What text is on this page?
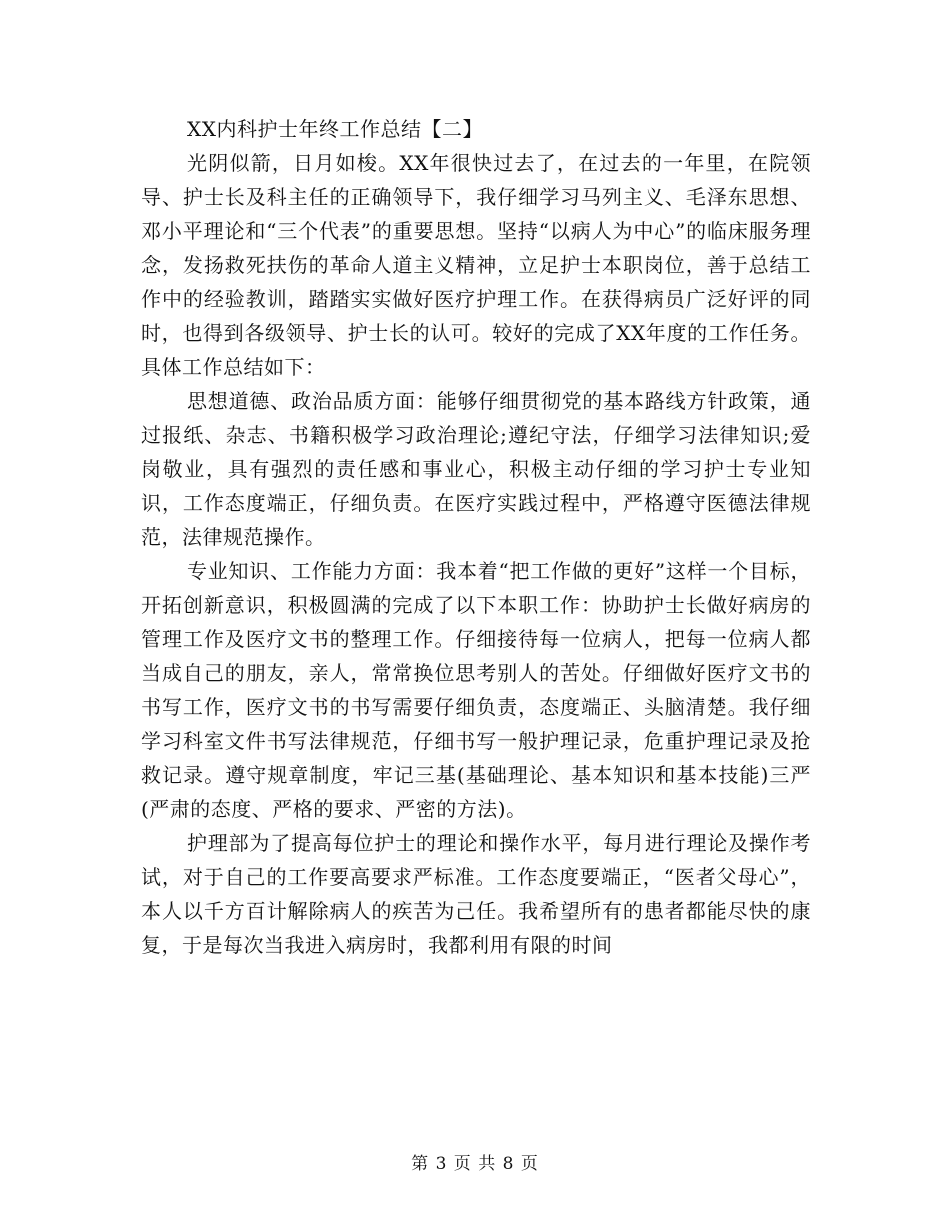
XX内科护士年终工作总结【二】

光阴似箭，日月如梭。XX年很快过去了，在过去的一年里，在院领导、护士长及科主任的正确领导下，我仔细学习马列主义、毛泽东思想、邓小平理论和“三个代表”的重要思想。坚持“以病人为中心”的临床服务理念，发扬救死扶伤的革命人道主义精神，立足护士本职岗位，善于总结工作中的经验教训，踏踏实实做好医疗护理工作。在获得病员广泛好评的同时，也得到各级领导、护士长的认可。较好的完成了XX年度的工作任务。具体工作总结如下：

思想道德、政治品质方面：能够仔细贯彻党的基本路线方针政策，通过报纸、杂志、书籍积极学习政治理论;遵纪守法，仔细学习法律知识;爱岗敬业，具有强烈的责任感和事业心，积极主动仔细的学习护士专业知识，工作态度端正，仔细负责。在医疗实践过程中，严格遵守医德法律规范，法律规范操作。

专业知识、工作能力方面：我本着“把工作做的更好”这样一个目标，开拓创新意识，积极圆满的完成了以下本职工作：协助护士长做好病房的管理工作及医疗文书的整理工作。仔细接待每一位病人，把每一位病人都当成自己的朋友，亲人，常常换位思考别人的苦处。仔细做好医疗文书的书写工作，医疗文书的书写需要仔细负责，态度端正、头脑清楚。我仔细学习科室文件书写法律规范，仔细书写一般护理记录，危重护理记录及抢救记录。遵守规章制度，牢记三基(基础理论、基本知识和基本技能)三严(严肃的态度、严格的要求、严密的方法)。

护理部为了提高每位护士的理论和操作水平，每月进行理论及操作考试，对于自己的工作要高要求严标准。工作态度要端正，“医者父母心”，本人以千方百计解除病人的疾苦为己任。我希望所有的患者都能尽快的康复，于是每次当我进入病房时，我都利用有限的时间

第 3 页 共 8 页
